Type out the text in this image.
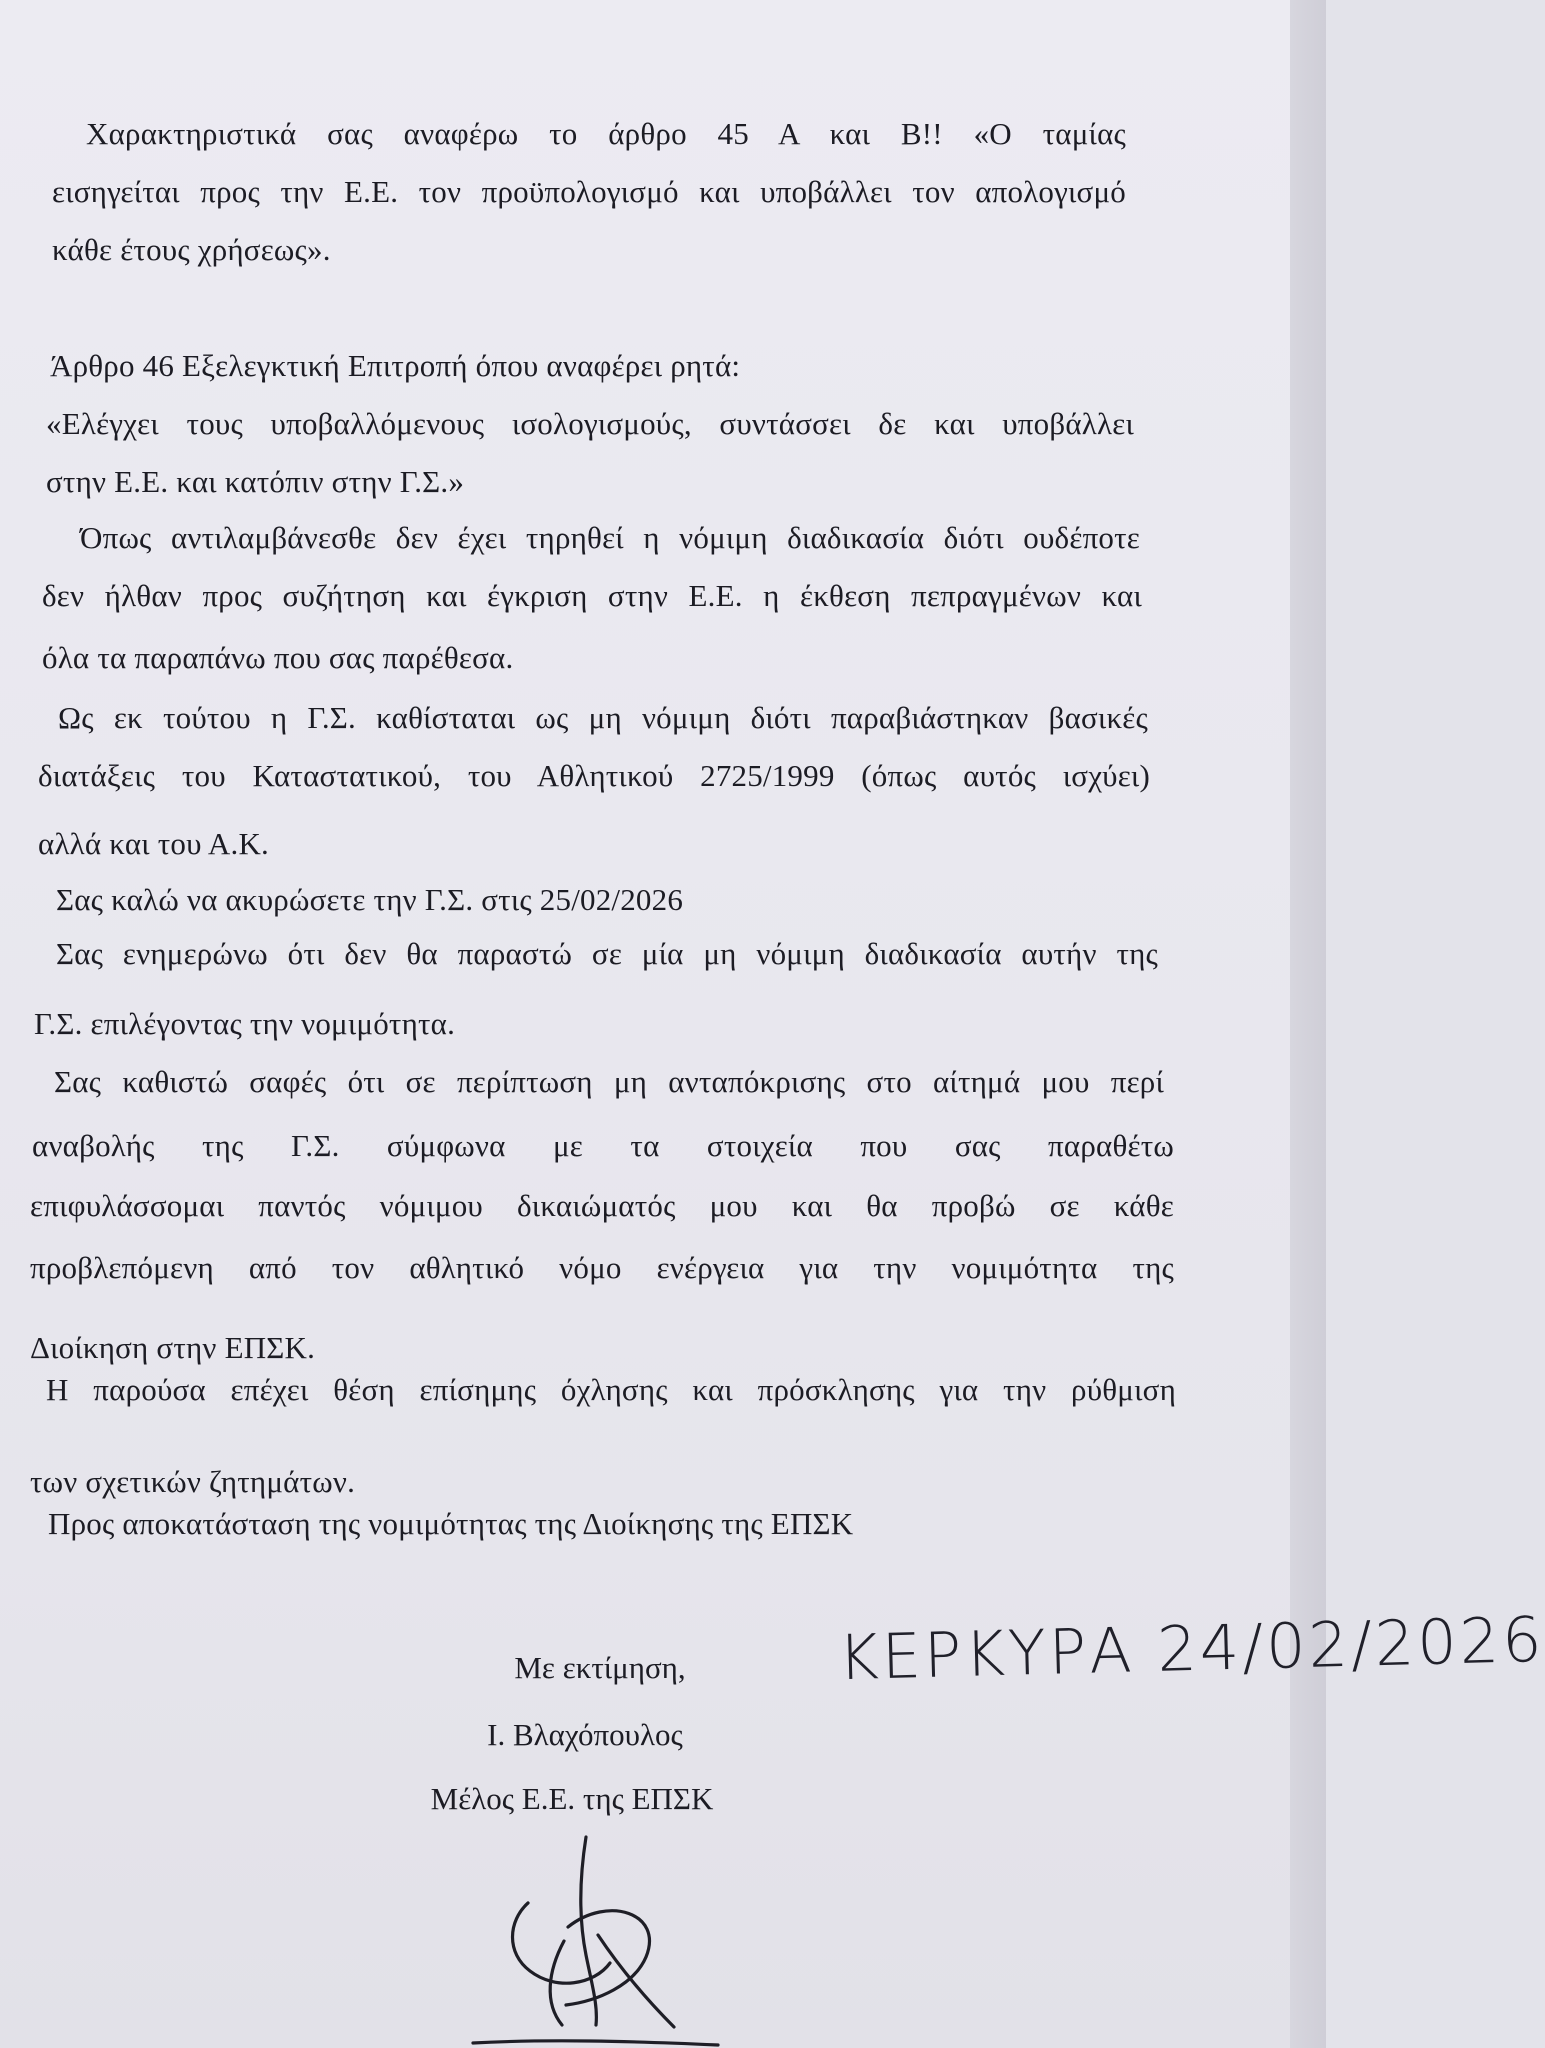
Χαρακτηριστικά σας αναφέρω το άρθρο 45 Α και Β!! «Ο ταμίας
εισηγείται προς την Ε.Ε. τον προϋπολογισμό και υποβάλλει τον απολογισμό
κάθε έτους χρήσεως».
Άρθρο 46 Εξελεγκτική Επιτροπή όπου αναφέρει ρητά:
«Ελέγχει τους υποβαλλόμενους ισολογισμούς, συντάσσει δε και υποβάλλει
στην Ε.Ε. και κατόπιν στην Γ.Σ.»
Όπως αντιλαμβάνεσθε δεν έχει τηρηθεί η νόμιμη διαδικασία διότι ουδέποτε
δεν ήλθαν προς συζήτηση και έγκριση στην Ε.Ε. η έκθεση πεπραγμένων και
όλα τα παραπάνω που σας παρέθεσα.
Ως εκ τούτου η Γ.Σ. καθίσταται ως μη νόμιμη διότι παραβιάστηκαν βασικές
διατάξεις του Καταστατικού, του Αθλητικού 2725/1999 (όπως αυτός ισχύει)
αλλά και του Α.Κ.
Σας καλώ να ακυρώσετε την Γ.Σ. στις 25/02/2026
Σας ενημερώνω ότι δεν θα παραστώ σε μία μη νόμιμη διαδικασία αυτήν της
Γ.Σ. επιλέγοντας την νομιμότητα.
Σας καθιστώ σαφές ότι σε περίπτωση μη ανταπόκρισης στο αίτημά μου περί
αναβολής της Γ.Σ. σύμφωνα με τα στοιχεία που σας παραθέτω
επιφυλάσσομαι παντός νόμιμου δικαιώματός μου και θα προβώ σε κάθε
προβλεπόμενη από τον αθλητικό νόμο ενέργεια για την νομιμότητα της
Διοίκηση στην ΕΠΣΚ.
Η παρούσα επέχει θέση επίσημης όχλησης και πρόσκλησης για την ρύθμιση
των σχετικών ζητημάτων.
Προς αποκατάσταση της νομιμότητας της Διοίκησης της ΕΠΣΚ
Με εκτίμηση,
Ι. Βλαχόπουλος
Μέλος Ε.Ε. της ΕΠΣΚ
ΚΕΡΚΥΡΑ 24/02/2026
